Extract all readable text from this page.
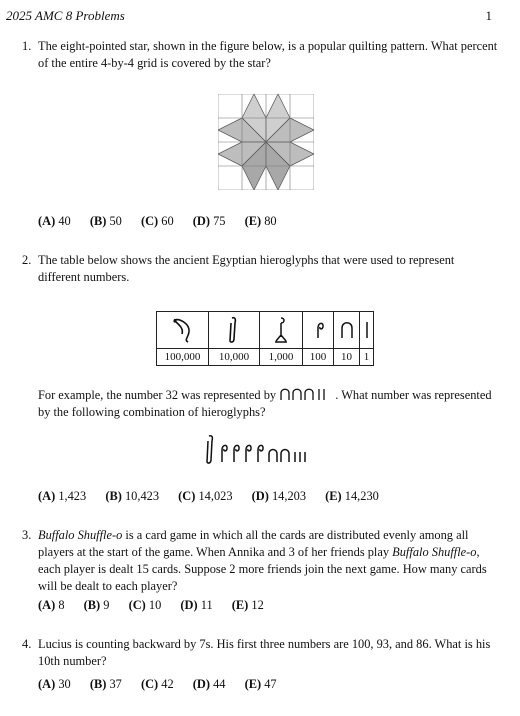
2025 AMC 8 Problems	1
1. The eight-pointed star, shown in the figure below, is a popular quilting pattern. What percent of the entire 4-by-4 grid is covered by the star?
(A) 40 (B) 50 (C) 60 (D) 75 (E) 80
2. The table below shows the ancient Egyptian hieroglyphs that were used to represent different numbers.

100,000	10,000	1,000	100	10	1
For example, the number 32 was represented by	. What number was represented by the following combination of hieroglyphs?
(A) 1,423 (B) 10,423 (C) 14,023 (D) 14,203 (E) 14,230
3. Buffalo Shuffle-o is a card game in which all the cards are distributed evenly among all players at the start of the game. When Annika and 3 of her friends play Buffalo Shuffle-o, each player is dealt 15 cards. Suppose 2 more friends join the next game. How many cards will be dealt to each player?
(A) 8 (B) 9 (C) 10 (D) 11 (E) 12
4. Lucius is counting backward by 7s. His first three numbers are 100, 93, and 86. What is his 10th number?
(A) 30 (B) 37 (C) 42 (D) 44 (E) 47
